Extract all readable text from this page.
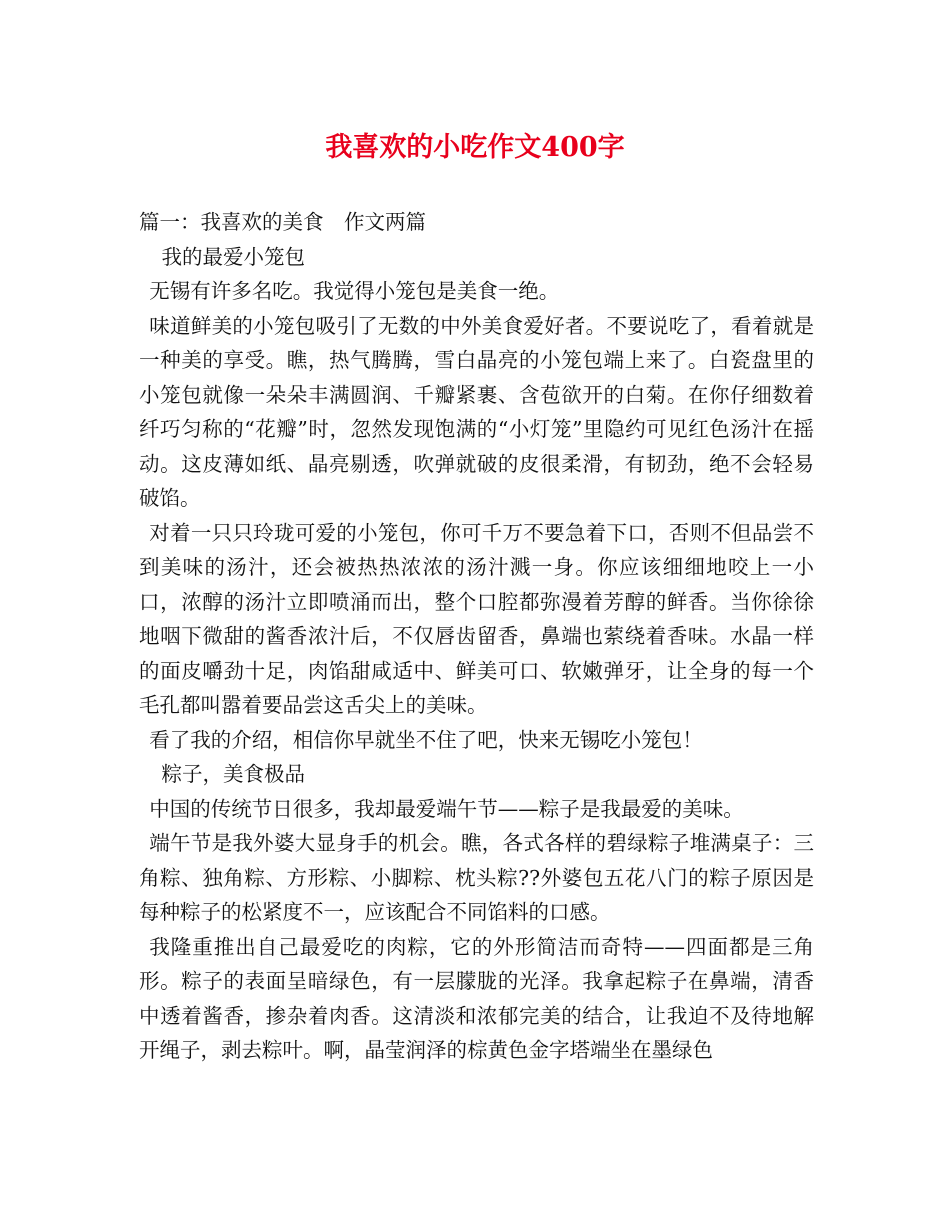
我喜欢的小吃作文400字

篇一：我喜欢的美食　作文两篇

我的最爱小笼包

无锡有许多名吃。我觉得小笼包是美食一绝。

味道鲜美的小笼包吸引了无数的中外美食爱好者。不要说吃了，看着就是一种美的享受。瞧，热气腾腾，雪白晶亮的小笼包端上来了。白瓷盘里的小笼包就像一朵朵丰满圆润、千瓣紧裹、含苞欲开的白菊。在你仔细数着纤巧匀称的“花瓣”时，忽然发现饱满的“小灯笼”里隐约可见红色汤汁在摇动。这皮薄如纸、晶亮剔透，吹弹就破的皮很柔滑，有韧劲，绝不会轻易破馅。

对着一只只玲珑可爱的小笼包，你可千万不要急着下口，否则不但品尝不到美味的汤汁，还会被热热浓浓的汤汁溅一身。你应该细细地咬上一小口，浓醇的汤汁立即喷涌而出，整个口腔都弥漫着芳醇的鲜香。当你徐徐地咽下微甜的酱香浓汁后，不仅唇齿留香，鼻端也萦绕着香味。水晶一样的面皮嚼劲十足，肉馅甜咸适中、鲜美可口、软嫩弹牙，让全身的每一个毛孔都叫嚣着要品尝这舌尖上的美味。

看了我的介绍，相信你早就坐不住了吧，快来无锡吃小笼包！

粽子，美食极品

中国的传统节日很多，我却最爱端午节——粽子是我最爱的美味。

端午节是我外婆大显身手的机会。瞧，各式各样的碧绿粽子堆满桌子：三角粽、独角粽、方形粽、小脚粽、枕头粽??外婆包五花八门的粽子原因是每种粽子的松紧度不一，应该配合不同馅料的口感。

我隆重推出自己最爱吃的肉粽，它的外形简洁而奇特——四面都是三角形。粽子的表面呈暗绿色，有一层朦胧的光泽。我拿起粽子在鼻端，清香中透着酱香，掺杂着肉香。这清淡和浓郁完美的结合，让我迫不及待地解开绳子，剥去粽叶。啊，晶莹润泽的棕黄色金字塔端坐在墨绿色
